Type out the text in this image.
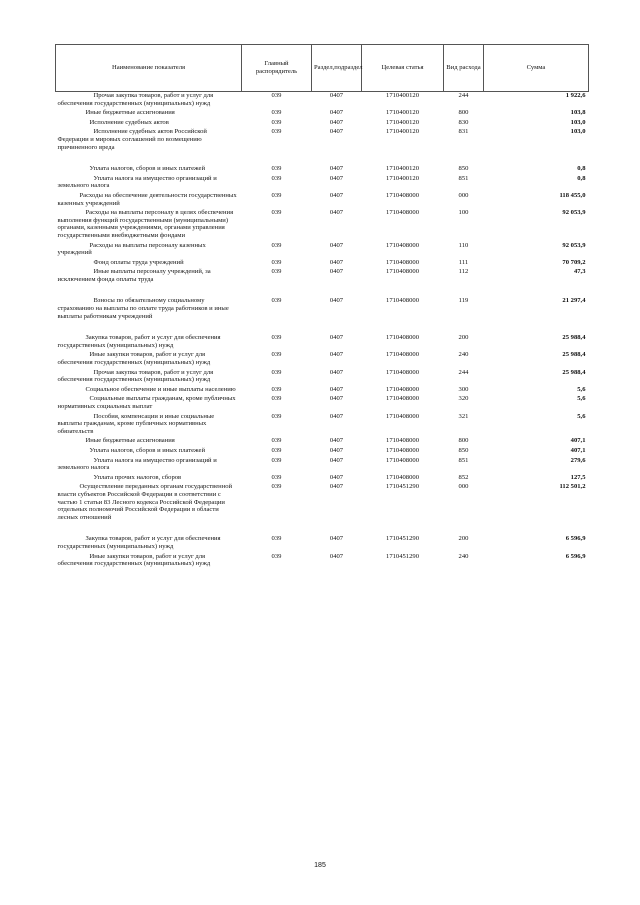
Наименование показателя	Главный распорядитель	Раздел,подраздел	Целевая статья	Вид расхода	Сумма
Прочая закупка товаров, работ и услуг для обеспечения государственных (муниципальных) нужд	039	0407	1710400120	244	1 922,6
Иные бюджетные ассигнования	039	0407	1710400120	800	103,8
Исполнение судебных актов	039	0407	1710400120	830	103,0
Исполнение судебных актов Российской Федерации и мировых соглашений по возмещению причиненного вреда	039	0407	1710400120	831	103,0
Уплата налогов, сборов и иных платежей	039	0407	1710400120	850	0,8
Уплата налога на имущество организаций и земельного налога	039	0407	1710400120	851	0,8
Расходы на обеспечение деятельности государственных казенных учреждений	039	0407	1710408000	000	118 455,0
Расходы на выплаты персоналу в целях обеспечения выполнения функций государственными (муниципальными) органами, казенными учреждениями, органами управления государственными внебюджетными фондами	039	0407	1710408000	100	92 053,9
Расходы на выплаты персоналу казенных учреждений	039	0407	1710408000	110	92 053,9
Фонд оплаты труда учреждений	039	0407	1710408000	111	70 709,2
Иные выплаты персоналу учреждений, за исключением фонда оплаты труда	039	0407	1710408000	112	47,3
Взносы по обязательному социальному страхованию на выплаты по оплате труда работников и иные выплаты работникам учреждений	039	0407	1710408000	119	21 297,4
Закупка товаров, работ и услуг для обеспечения государственных (муниципальных) нужд	039	0407	1710408000	200	25 988,4
Иные закупки товаров, работ и услуг для обеспечения государственных (муниципальных) нужд	039	0407	1710408000	240	25 988,4
Прочая закупка товаров, работ и услуг для обеспечения государственных (муниципальных) нужд	039	0407	1710408000	244	25 988,4
Социальное обеспечение и иные выплаты населению	039	0407	1710408000	300	5,6
Социальные выплаты гражданам, кроме публичных нормативных социальных выплат	039	0407	1710408000	320	5,6
Пособия, компенсации и иные социальные выплаты гражданам, кроме публичных нормативных обязательств	039	0407	1710408000	321	5,6
Иные бюджетные ассигнования	039	0407	1710408000	800	407,1
Уплата налогов, сборов и иных платежей	039	0407	1710408000	850	407,1
Уплата налога на имущество организаций и земельного налога	039	0407	1710408000	851	279,6
Уплата прочих налогов, сборов	039	0407	1710408000	852	127,5
Осуществление переданных органам государственной власти субъектов Российской Федерации в соответствии с частью 1 статьи 83 Лесного кодекса Российской Федерации отдельных полномочий Российской Федерации в области лесных отношений	039	0407	1710451290	000	112 501,2
Закупка товаров, работ и услуг для обеспечения государственных (муниципальных) нужд	039	0407	1710451290	200	6 596,9
Иные закупки товаров, работ и услуг для обеспечения государственных (муниципальных) нужд	039	0407	1710451290	240	6 596,9
185
